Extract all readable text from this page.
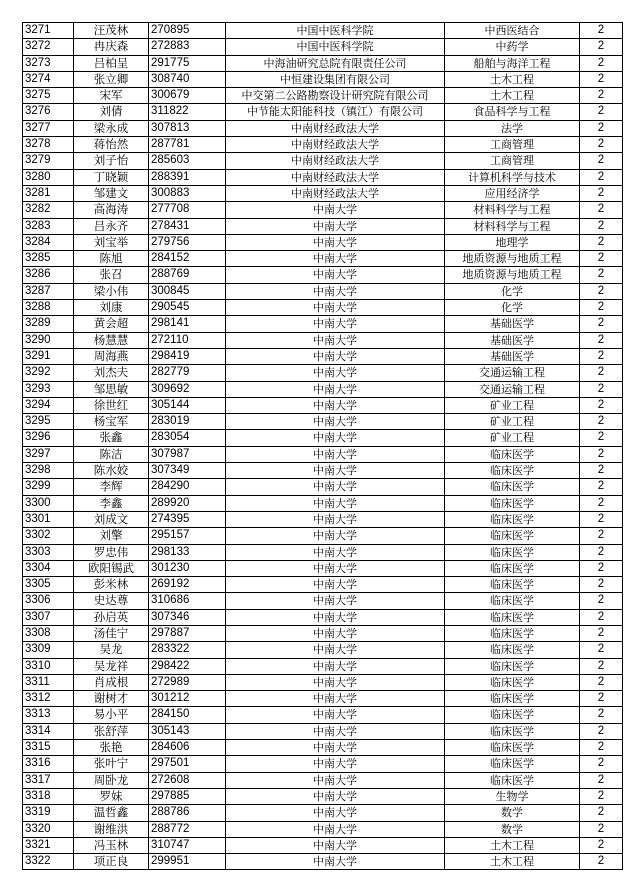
3271	汪茂林	270895	中国中医科学院	中西医结合	2
3272	冉庆森	272883	中国中医科学院	中药学	2
3273	吕柏呈	291775	中海油研究总院有限责任公司	船舶与海洋工程	2
3274	张立卿	308740	中恒建设集团有限公司	土木工程	2
3275	宋军	300679	中交第二公路勘察设计研究院有限公司	土木工程	2
3276	刘倩	311822	中节能太阳能科技（镇江）有限公司	食品科学与工程	2
3277	梁永成	307813	中南财经政法大学	法学	2
3278	蒋怡然	287781	中南财经政法大学	工商管理	2
3279	刘子怡	285603	中南财经政法大学	工商管理	2
3280	丁晓颖	288391	中南财经政法大学	计算机科学与技术	2
3281	邹建文	300883	中南财经政法大学	应用经济学	2
3282	高海涛	277708	中南大学	材料科学与工程	2
3283	吕永齐	278431	中南大学	材料科学与工程	2
3284	刘宝举	279756	中南大学	地理学	2
3285	陈旭	284152	中南大学	地质资源与地质工程	2
3286	张召	288769	中南大学	地质资源与地质工程	2
3287	梁小伟	300845	中南大学	化学	2
3288	刘康	290545	中南大学	化学	2
3289	黄会超	298141	中南大学	基础医学	2
3290	杨慧慧	272110	中南大学	基础医学	2
3291	周海燕	298419	中南大学	基础医学	2
3292	刘杰夫	282779	中南大学	交通运输工程	2
3293	邹思敏	309692	中南大学	交通运输工程	2
3294	徐世红	305144	中南大学	矿业工程	2
3295	杨宝军	283019	中南大学	矿业工程	2
3296	张鑫	283054	中南大学	矿业工程	2
3297	陈洁	307987	中南大学	临床医学	2
3298	陈水姣	307349	中南大学	临床医学	2
3299	李辉	284290	中南大学	临床医学	2
3300	李鑫	289920	中南大学	临床医学	2
3301	刘成文	274395	中南大学	临床医学	2
3302	刘擎	295157	中南大学	临床医学	2
3303	罗忠伟	298133	中南大学	临床医学	2
3304	欧阳锡武	301230	中南大学	临床医学	2
3305	彭米林	269192	中南大学	临床医学	2
3306	史达尊	310686	中南大学	临床医学	2
3307	孙启英	307346	中南大学	临床医学	2
3308	汤佳宁	297887	中南大学	临床医学	2
3309	吴龙	283322	中南大学	临床医学	2
3310	吴龙祥	298422	中南大学	临床医学	2
3311	肖成根	272989	中南大学	临床医学	2
3312	谢树才	301212	中南大学	临床医学	2
3313	易小平	284150	中南大学	临床医学	2
3314	张舒萍	305143	中南大学	临床医学	2
3315	张艳	284606	中南大学	临床医学	2
3316	张叶宁	297501	中南大学	临床医学	2
3317	周卧龙	272608	中南大学	临床医学	2
3318	罗妹	297885	中南大学	生物学	2
3319	温哲鑫	288786	中南大学	数学	2
3320	谢维洪	288772	中南大学	数学	2
3321	冯玉林	310747	中南大学	土木工程	2
3322	项正良	299951	中南大学	土木工程	2
